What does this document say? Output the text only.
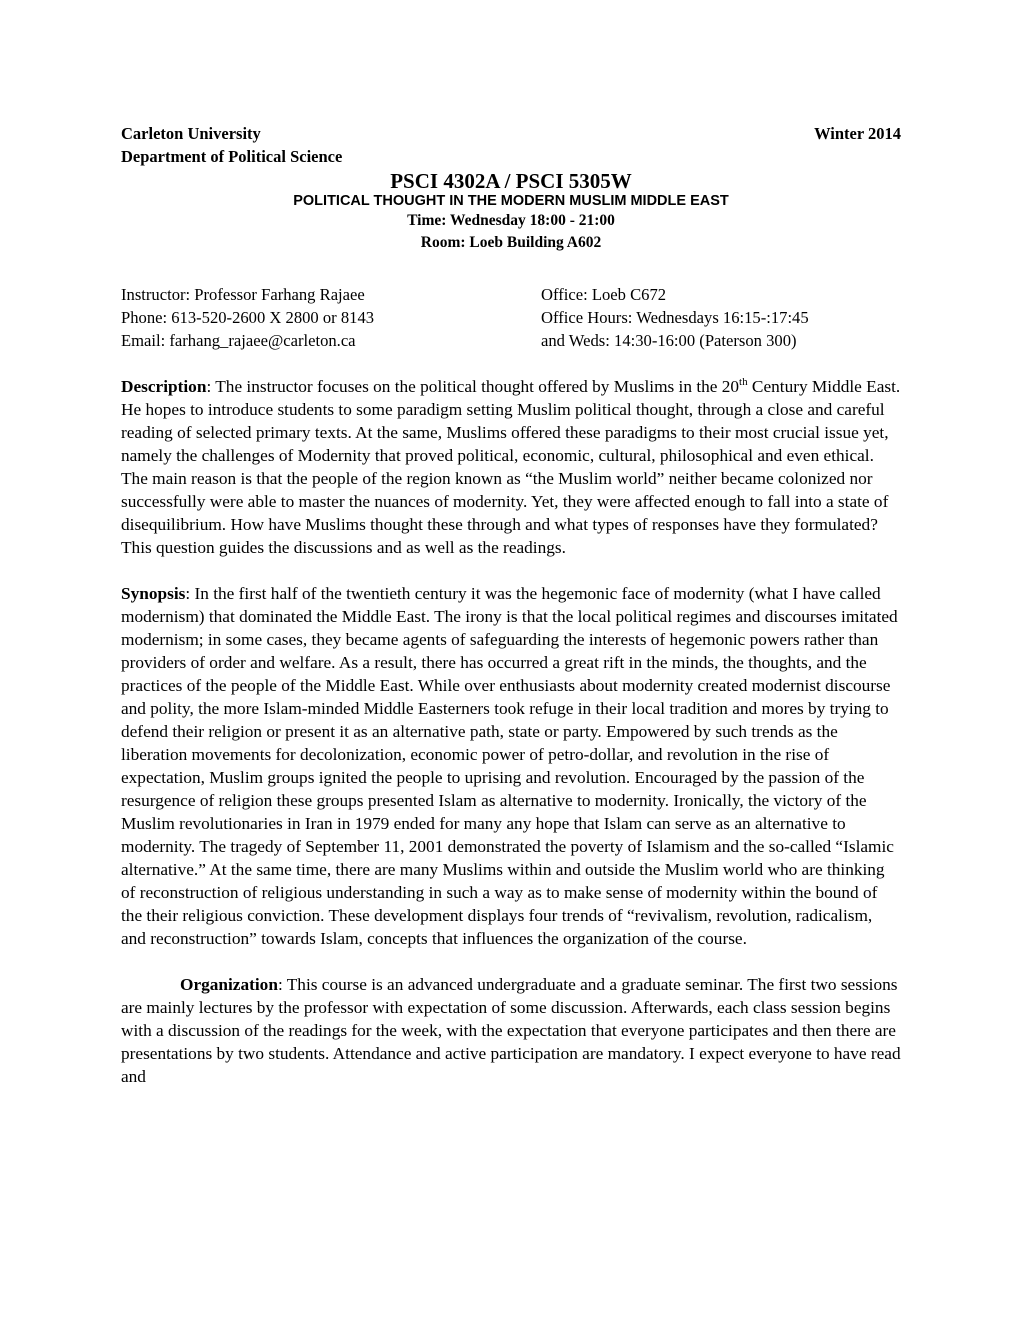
Carleton University	Winter 2014
Department of Political Science
PSCI 4302A / PSCI 5305W
POLITICAL THOUGHT IN THE MODERN MUSLIM MIDDLE EAST
Time: Wednesday 18:00 - 21:00
Room: Loeb Building A602
Instructor: Professor Farhang Rajaee	Office: Loeb C672
Phone: 613-520-2600 X 2800 or 8143	Office Hours: Wednesdays 16:15-:17:45
Email: farhang_rajaee@carleton.ca	and Weds: 14:30-16:00 (Paterson 300)
Description: The instructor focuses on the political thought offered by Muslims in the 20th Century Middle East. He hopes to introduce students to some paradigm setting Muslim political thought, through a close and careful reading of selected primary texts. At the same, Muslims offered these paradigms to their most crucial issue yet, namely the challenges of Modernity that proved political, economic, cultural, philosophical and even ethical. The main reason is that the people of the region known as “the Muslim world” neither became colonized nor successfully were able to master the nuances of modernity. Yet, they were affected enough to fall into a state of disequilibrium. How have Muslims thought these through and what types of responses have they formulated? This question guides the discussions and as well as the readings.
Synopsis: In the first half of the twentieth century it was the hegemonic face of modernity (what I have called modernism) that dominated the Middle East. The irony is that the local political regimes and discourses imitated modernism; in some cases, they became agents of safeguarding the interests of hegemonic powers rather than providers of order and welfare. As a result, there has occurred a great rift in the minds, the thoughts, and the practices of the people of the Middle East. While over enthusiasts about modernity created modernist discourse and polity, the more Islam-minded Middle Easterners took refuge in their local tradition and mores by trying to defend their religion or present it as an alternative path, state or party. Empowered by such trends as the liberation movements for decolonization, economic power of petro-dollar, and revolution in the rise of expectation, Muslim groups ignited the people to uprising and revolution. Encouraged by the passion of the resurgence of religion these groups presented Islam as alternative to modernity. Ironically, the victory of the Muslim revolutionaries in Iran in 1979 ended for many any hope that Islam can serve as an alternative to modernity. The tragedy of September 11, 2001 demonstrated the poverty of Islamism and the so-called “Islamic alternative.” At the same time, there are many Muslims within and outside the Muslim world who are thinking of reconstruction of religious understanding in such a way as to make sense of modernity within the bound of the their religious conviction. These development displays four trends of “revivalism, revolution, radicalism, and reconstruction” towards Islam, concepts that influences the organization of the course.
Organization: This course is an advanced undergraduate and a graduate seminar. The first two sessions are mainly lectures by the professor with expectation of some discussion. Afterwards, each class session begins with a discussion of the readings for the week, with the expectation that everyone participates and then there are presentations by two students. Attendance and active participation are mandatory. I expect everyone to have read and
